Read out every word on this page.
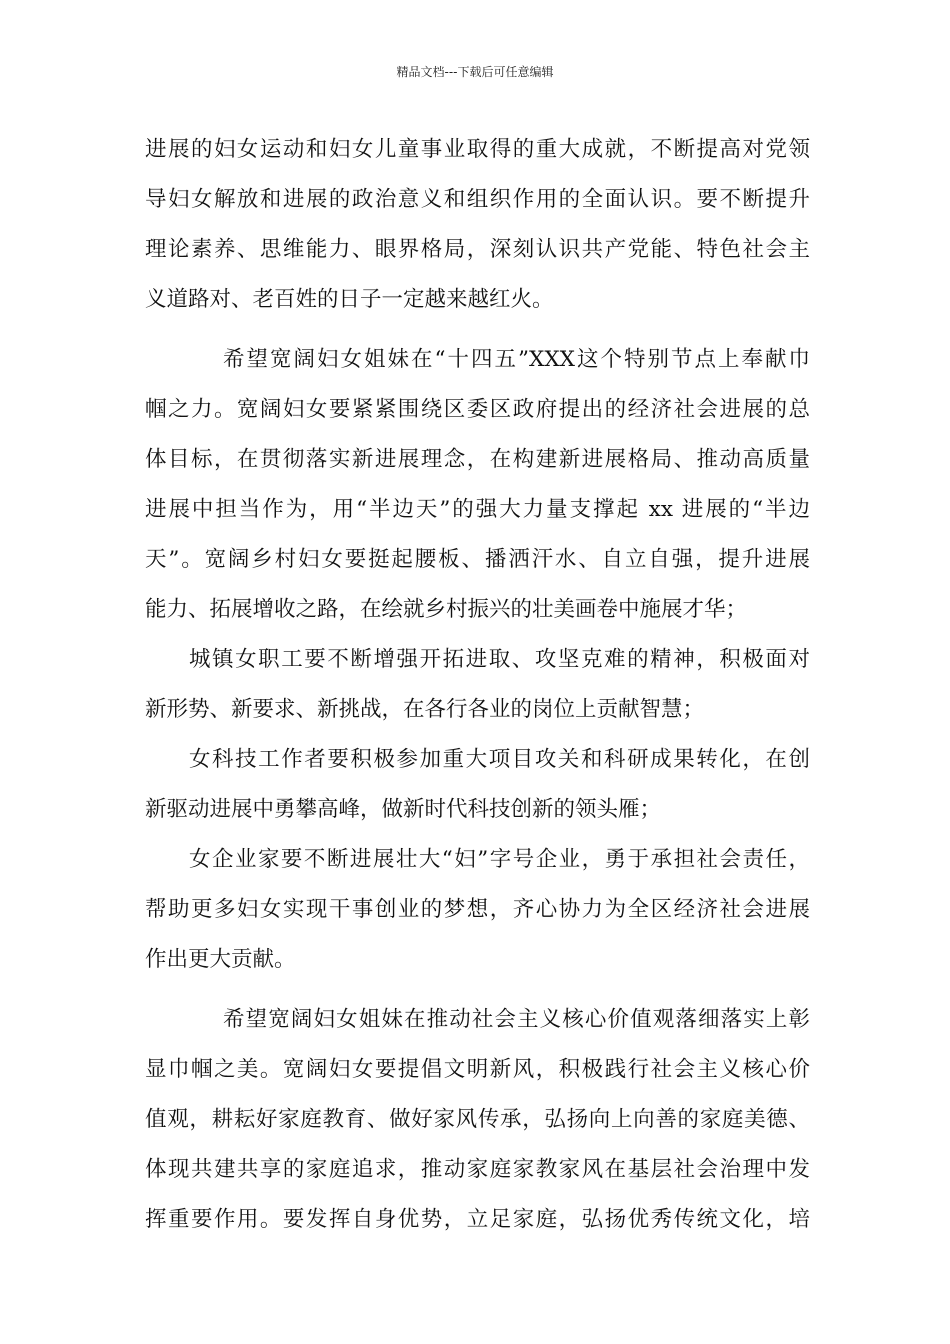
精品文档---下载后可任意编辑
进展的妇女运动和妇女儿童事业取得的重大成就，不断提高对党领
导妇女解放和进展的政治意义和组织作用的全面认识。要不断提升
理论素养、思维能力、眼界格局，深刻认识共产党能、特色社会主
义道路对、老百姓的日子一定越来越红火。
希望宽阔妇女姐妹在“十四五”XXX这个特别节点上奉献巾
帼之力。宽阔妇女要紧紧围绕区委区政府提出的经济社会进展的总
体目标，在贯彻落实新进展理念，在构建新进展格局、推动高质量
进展中担当作为，用“半边天”的强大力量支撑起 xx 进展的“半边
天”。宽阔乡村妇女要挺起腰板、播洒汗水、自立自强，提升进展
能力、拓展增收之路，在绘就乡村振兴的壮美画卷中施展才华；
城镇女职工要不断增强开拓进取、攻坚克难的精神，积极面对
新形势、新要求、新挑战，在各行各业的岗位上贡献智慧；
女科技工作者要积极参加重大项目攻关和科研成果转化，在创
新驱动进展中勇攀高峰，做新时代科技创新的领头雁；
女企业家要不断进展壮大“妇”字号企业，勇于承担社会责任，
帮助更多妇女实现干事创业的梦想，齐心协力为全区经济社会进展
作出更大贡献。
希望宽阔妇女姐妹在推动社会主义核心价值观落细落实上彰
显巾帼之美。宽阔妇女要提倡文明新风，积极践行社会主义核心价
值观，耕耘好家庭教育、做好家风传承，弘扬向上向善的家庭美德、
体现共建共享的家庭追求，推动家庭家教家风在基层社会治理中发
挥重要作用。要发挥自身优势，立足家庭，弘扬优秀传统文化，培
